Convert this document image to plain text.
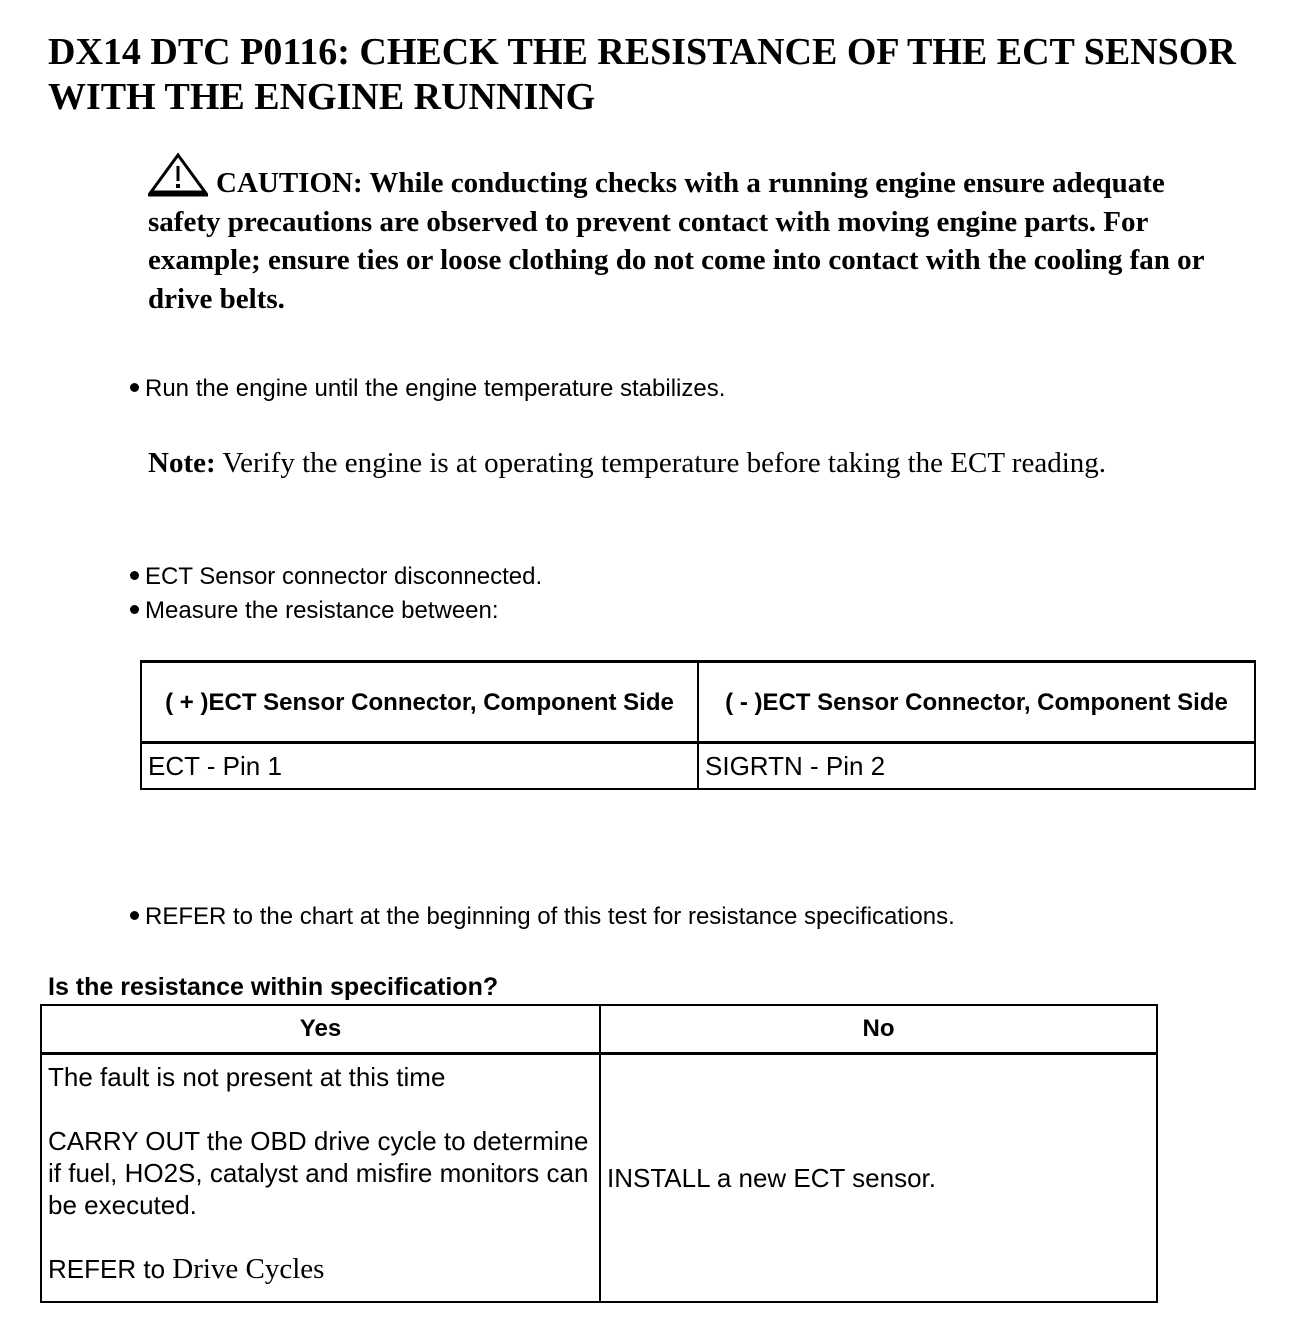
DX14 DTC P0116: CHECK THE RESISTANCE OF THE ECT SENSOR WITH THE ENGINE RUNNING
CAUTION: While conducting checks with a running engine ensure adequate safety precautions are observed to prevent contact with moving engine parts. For example; ensure ties or loose clothing do not come into contact with the cooling fan or drive belts.
Run the engine until the engine temperature stabilizes.
Note: Verify the engine is at operating temperature before taking the ECT reading.
ECT Sensor connector disconnected.
Measure the resistance between:
( + )ECT Sensor Connector, Component Side	( - )ECT Sensor Connector, Component Side
ECT - Pin 1	SIGRTN - Pin 2
REFER to the chart at the beginning of this test for resistance specifications.
Is the resistance within specification?
Yes	No

The fault is not present at this time

CARRY OUT the OBD drive cycle to determine if fuel, HO2S, catalyst and misfire monitors can be executed.

REFER to Drive Cycles	INSTALL a new ECT sensor.
